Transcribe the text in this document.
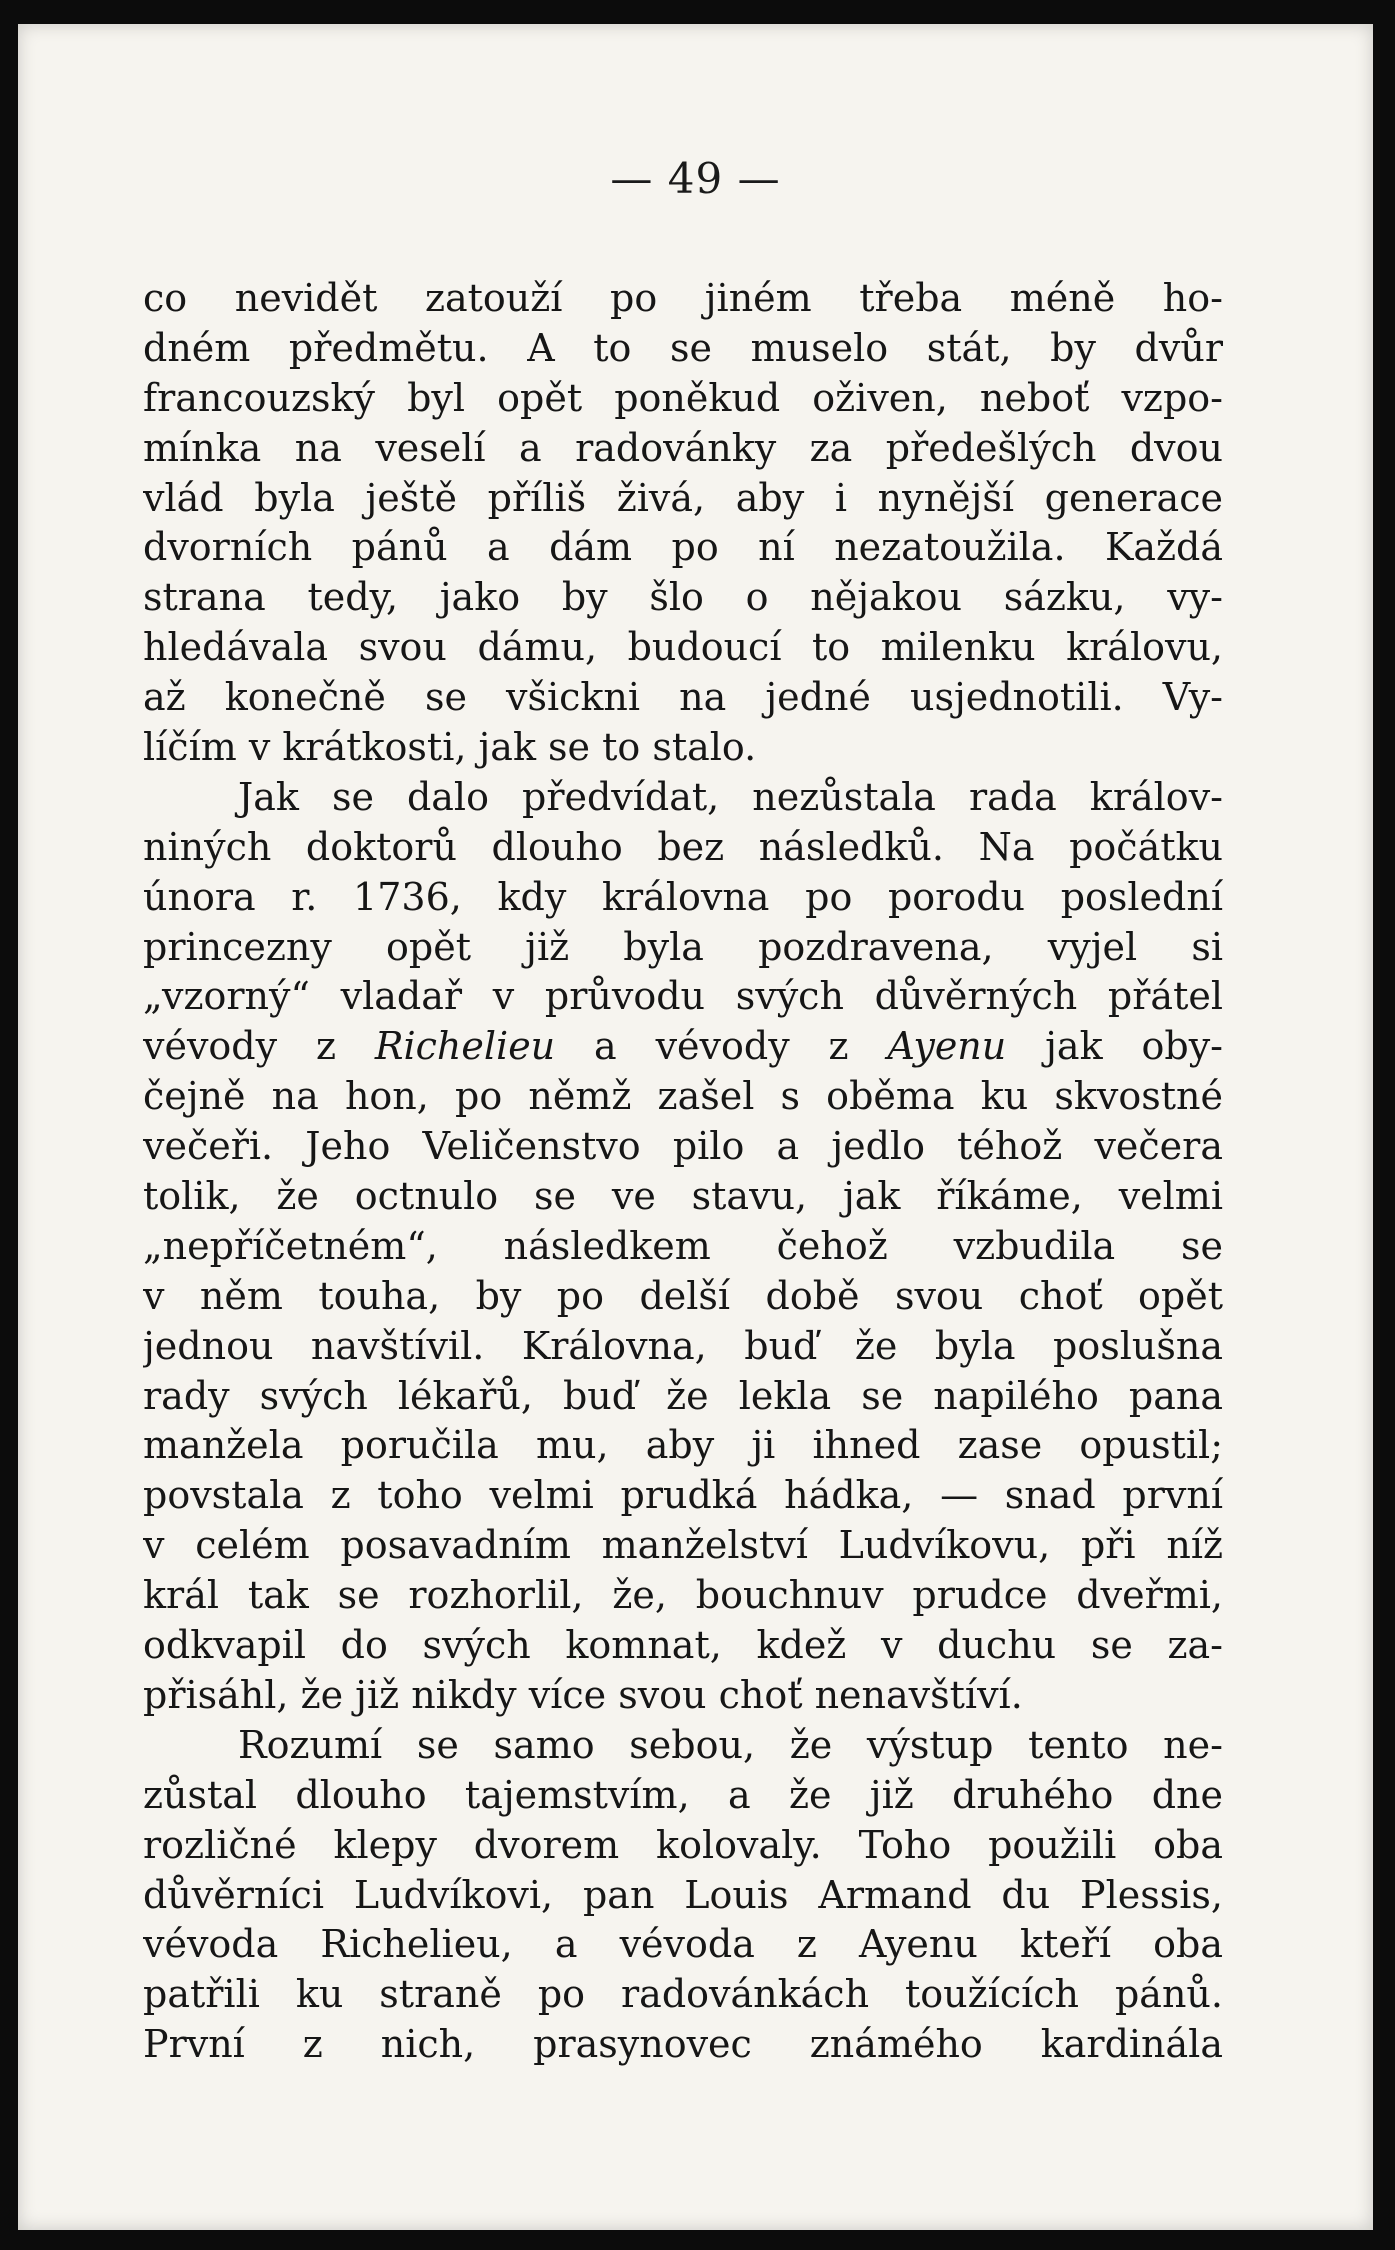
— 49 —
co nevidět zatouží po jiném třeba méně ho-
dném předmětu. A to se muselo stát, by dvůr
francouzský byl opět poněkud oživen, neboť vzpo-
mínka na veselí a radovánky za předešlých dvou
vlád byla ještě příliš živá, aby i nynější generace
dvorních pánů a dám po ní nezatoužila. Každá
strana tedy, jako by šlo o nějakou sázku, vy-
hledávala svou dámu, budoucí to milenku královu,
až konečně se všickni na jedné usjednotili. Vy-
líčím v krátkosti, jak se to stalo.
Jak se dalo předvídat, nezůstala rada králov-
niných doktorů dlouho bez následků. Na počátku
února r. 1736, kdy královna po porodu poslední
princezny opět již byla pozdravena, vyjel si
„vzorný“ vladař v průvodu svých důvěrných přátel
vévody z Richelieu a vévody z Ayenu jak oby-
čejně na hon, po němž zašel s oběma ku skvostné
večeři. Jeho Veličenstvo pilo a jedlo téhož večera
tolik, že octnulo se ve stavu, jak říkáme, velmi
„nepříčetném“, následkem čehož vzbudila se
v něm touha, by po delší době svou choť opět
jednou navštívil. Královna, buď že byla poslušna
rady svých lékařů, buď že lekla se napilého pana
manžela poručila mu, aby ji ihned zase opustil;
povstala z toho velmi prudká hádka, — snad první
v celém posavadním manželství Ludvíkovu, při níž
král tak se rozhorlil, že, bouchnuv prudce dveřmi,
odkvapil do svých komnat, kdež v duchu se za-
přisáhl, že již nikdy více svou choť nenavštíví.
Rozumí se samo sebou, že výstup tento ne-
zůstal dlouho tajemstvím, a že již druhého dne
rozličné klepy dvorem kolovaly. Toho použili oba
důvěrníci Ludvíkovi, pan Louis Armand du Plessis,
vévoda Richelieu, a vévoda z Ayenu kteří oba
patřili ku straně po radovánkách toužících pánů.
První z nich, prasynovec známého kardinála
